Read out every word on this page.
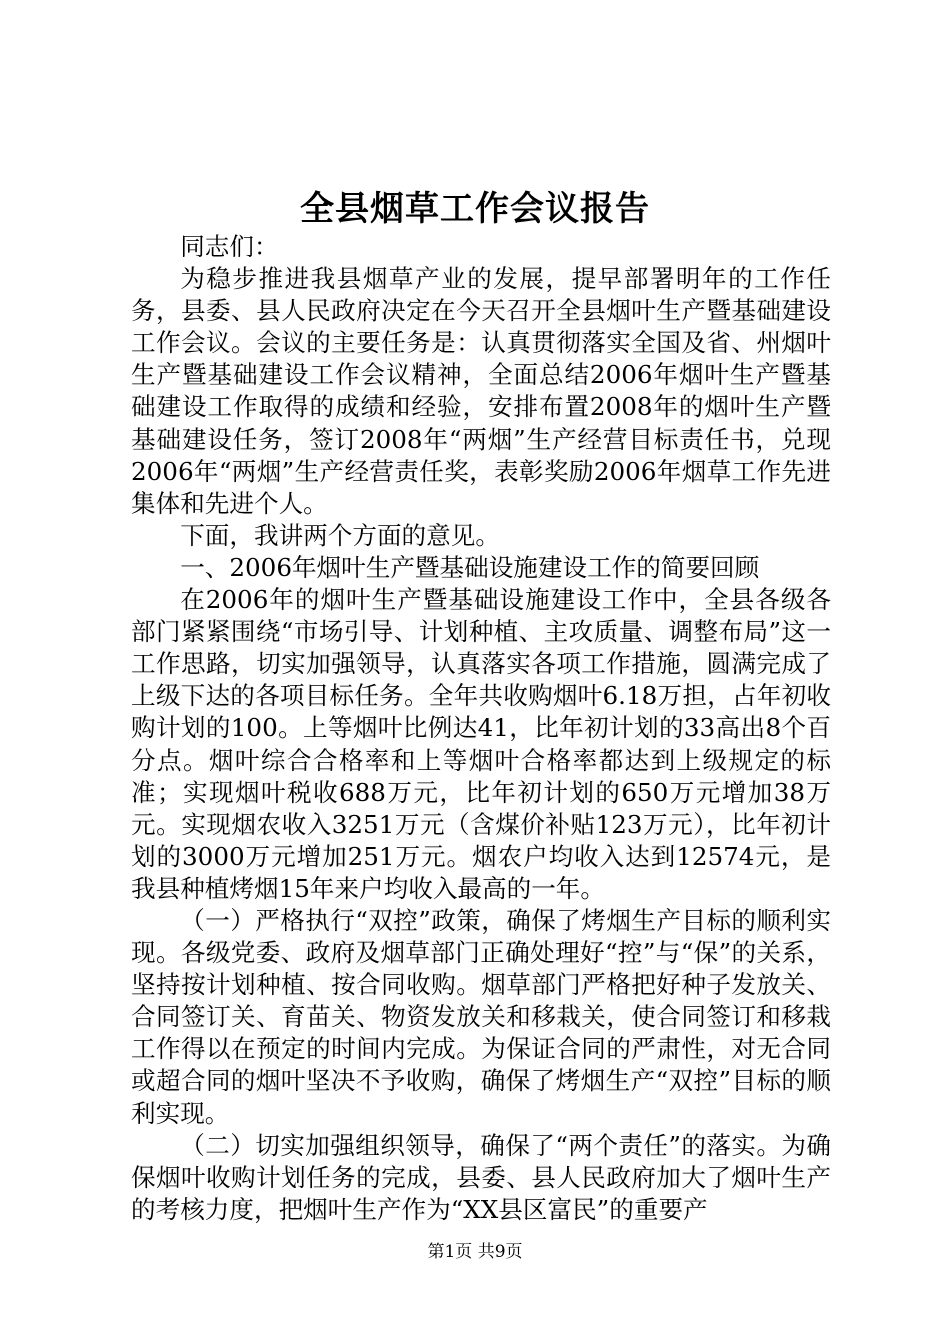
全县烟草工作会议报告

同志们：

为稳步推进我县烟草产业的发展，提早部署明年的工作任务，县委、县人民政府决定在今天召开全县烟叶生产暨基础建设工作会议。会议的主要任务是：认真贯彻落实全国及省、州烟叶生产暨基础建设工作会议精神，全面总结2006年烟叶生产暨基础建设工作取得的成绩和经验，安排布置2008年的烟叶生产暨基础建设任务，签订2008年“两烟”生产经营目标责任书，兑现2006年“两烟”生产经营责任奖，表彰奖励2006年烟草工作先进集体和先进个人。

下面，我讲两个方面的意见。

一、2006年烟叶生产暨基础设施建设工作的简要回顾

在2006年的烟叶生产暨基础设施建设工作中，全县各级各部门紧紧围绕“市场引导、计划种植、主攻质量、调整布局”这一工作思路，切实加强领导，认真落实各项工作措施，圆满完成了上级下达的各项目标任务。全年共收购烟叶6.18万担，占年初收购计划的100。上等烟叶比例达41，比年初计划的33高出8个百分点。烟叶综合合格率和上等烟叶合格率都达到上级规定的标准；实现烟叶税收688万元，比年初计划的650万元增加38万元。实现烟农收入3251万元（含煤价补贴123万元），比年初计划的3000万元增加251万元。烟农户均收入达到12574元，是我县种植烤烟15年来户均收入最高的一年。

（一）严格执行“双控”政策，确保了烤烟生产目标的顺利实现。各级党委、政府及烟草部门正确处理好“控”与“保”的关系，坚持按计划种植、按合同收购。烟草部门严格把好种子发放关、合同签订关、育苗关、物资发放关和移栽关，使合同签订和移栽工作得以在预定的时间内完成。为保证合同的严肃性，对无合同或超合同的烟叶坚决不予收购，确保了烤烟生产“双控”目标的顺利实现。

（二）切实加强组织领导，确保了“两个责任”的落实。为确保烟叶收购计划任务的完成，县委、县人民政府加大了烟叶生产的考核力度，把烟叶生产作为“XX县区富民”的重要产

第1页 共9页
